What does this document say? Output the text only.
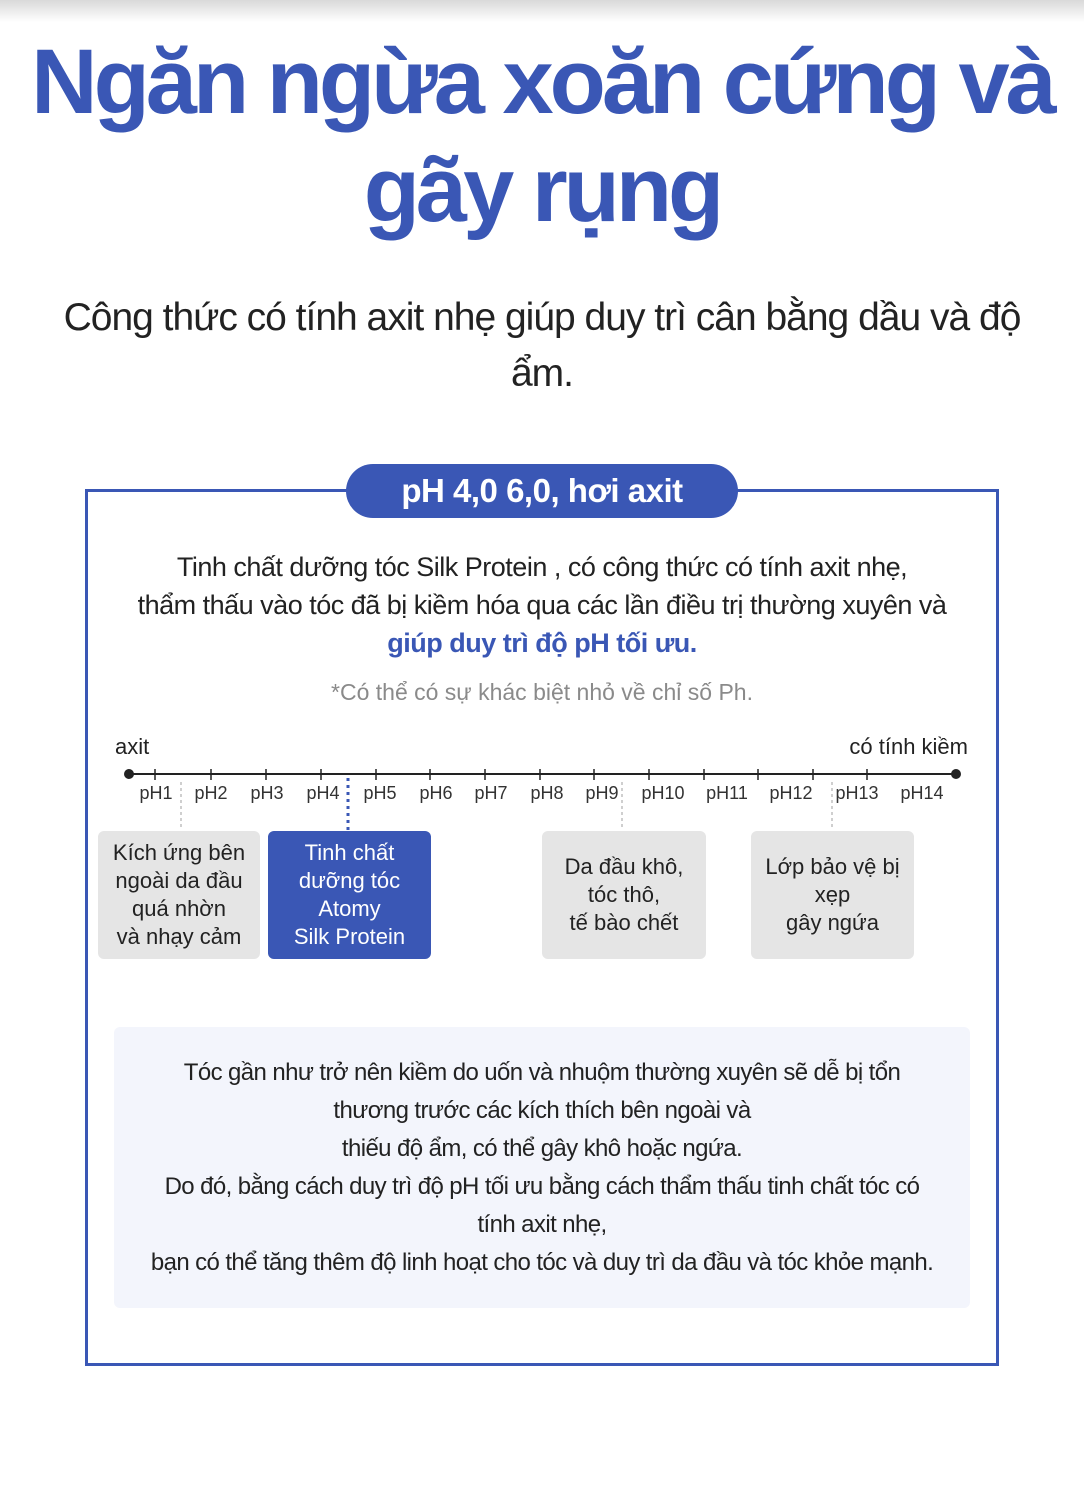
Ngăn ngừa xoăn cứng và
gãy rụng
Công thức có tính axit nhẹ giúp duy trì cân bằng dầu và độ
ẩm.
pH 4,0 6,0, hơi axit
Tinh chất dưỡng tóc Silk Protein , có công thức có tính axit nhẹ,
thẩm thấu vào tóc đã bị kiềm hóa qua các lần điều trị thường xuyên và
giúp duy trì độ pH tối ưu.
*Có thể có sự khác biệt nhỏ về chỉ số Ph.
axit	có tính kiềm
pH1 pH2 pH3 pH4 pH5 pH6 pH7 pH8 pH9 pH10 pH11 pH12 pH13 pH14
Kích ứng bên
ngoài da đầu
quá nhờn
và nhạy cảm
Tinh chất
dưỡng tóc
Atomy
Silk Protein
Da đầu khô,
tóc thô,
tế bào chết
Lớp bảo vệ bị
xẹp
gây ngứa

Tóc gần như trở nên kiềm do uốn và nhuộm thường xuyên sẽ dễ bị tổn

thương trước các kích thích bên ngoài và

thiếu độ ẩm, có thể gây khô hoặc ngứa.

Do đó, bằng cách duy trì độ pH tối ưu bằng cách thẩm thấu tinh chất tóc có

tính axit nhẹ,

bạn có thể tăng thêm độ linh hoạt cho tóc và duy trì da đầu và tóc khỏe mạnh.
